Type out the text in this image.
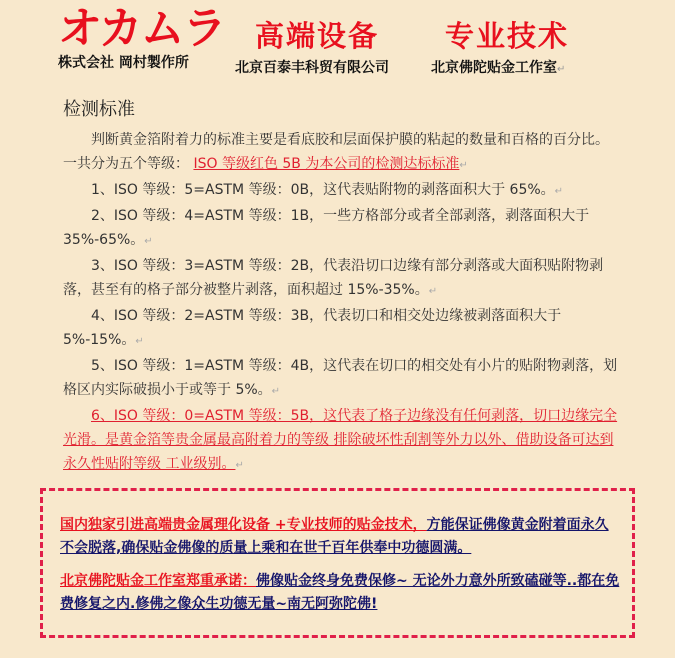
オカムラ
株式会社 岡村製作所
高端设备 专业技术
北京百泰丰科贸有限公司	北京佛陀贴金工作室↵
检测标准

判断黄金箔附着力的标准主要是看底胶和层面保护膜的粘起的数量和百格的百分比。一共分为五个等级： ISO 等级红色 5B 为本公司的检测达标标准↵

1、ISO 等级：5=ASTM 等级：0B，这代表贴附物的剥落面积大于 65%。↵

2、ISO 等级：4=ASTM 等级：1B，一些方格部分或者全部剥落，剥落面积大于 35%-65%。↵

3、ISO 等级：3=ASTM 等级：2B，代表沿切口边缘有部分剥落或大面积贴附物剥落，甚至有的格子部分被整片剥落，面积超过 15%-35%。↵

4、ISO 等级：2=ASTM 等级：3B，代表切口和相交处边缘被剥落面积大于 5%-15%。↵

5、ISO 等级：1=ASTM 等级：4B，这代表在切口的相交处有小片的贴附物剥落，划格区内实际破损小于或等于 5%。↵

6、ISO 等级：0=ASTM 等级：5B，这代表了格子边缘没有任何剥落，切口边缘完全光滑。是黄金箔等贵金属最高附着力的等级 排除破坏性刮割等外力以外、借助设备可达到永久性贴附等级 工业级别。↵

国内独家引进高端贵金属理化设备 +专业技师的贴金技术，方能保证佛像黄金附着面永久不会脱落,确保贴金佛像的质量上乘和在世千百年供奉中功德圆满。

北京佛陀贴金工作室郑重承诺：佛像贴金终身免费保修~ 无论外力意外所致磕碰等..都在免费修复之内.修佛之像众生功德无量~南无阿弥陀佛!
